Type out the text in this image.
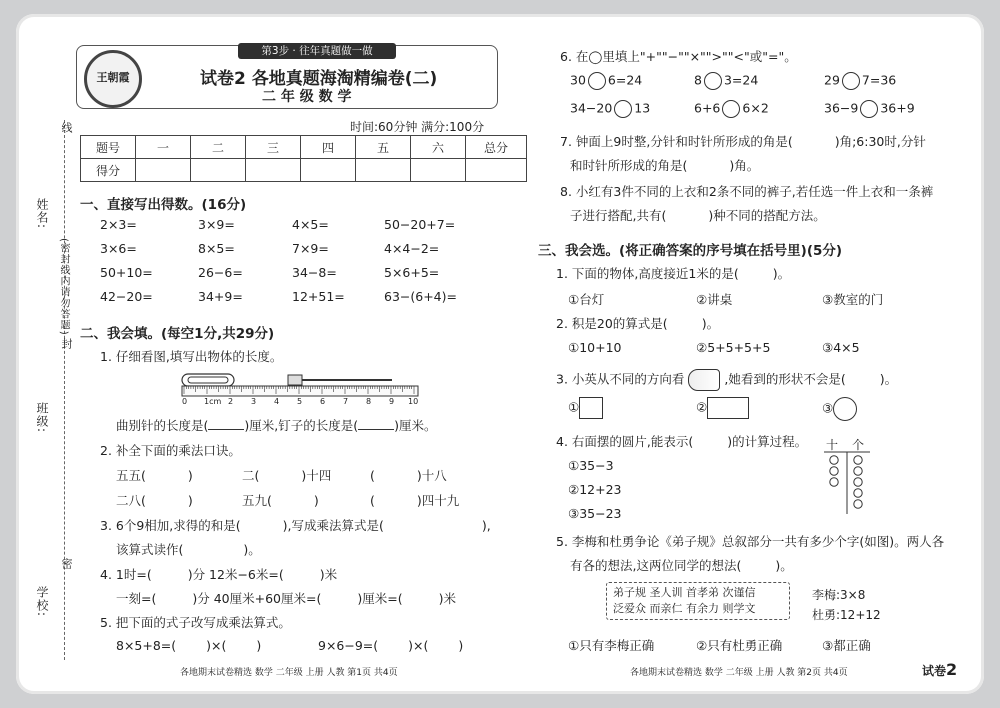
线
姓名:
(密封线内请勿答题)
封
班级:
密
学校:
王朝霞
第3步 · 往年真题做一做
试卷2 各地真题海淘精编卷(二)
二 年 级 数 学
时间:60分钟 满分:100分
题号	一	二	三	四	五	六	总分
得分							
一、直接写出得数。(16分)
2×3=	3×9=	4×5=	50−20+7=
3×6=	8×5=	7×9=	4×4−2=
50+10=	26−6=	34−8=	5×6+5=
42−20=	34+9=	12+51=	63−(6+4)=
二、我会填。(每空1分,共29分)
1. 仔细看图,填写出物体的长度。
0 1cm 2 3 4 5 6 7 8 9 10
曲别针的长度是(	)厘米,钉子的长度是(	)厘米。
2. 补全下面的乘法口诀。
五五(	)	二(	)十四	(	)十八
二八(	)	五九(	)	(	)四十九
3. 6个9相加,求得的和是(	),写成乘法算式是(	),
该算式读作(	)。
4. 1时=(	)分 12米−6米=(	)米
一刻=(	)分 40厘米+60厘米=(	)厘米=(	)米
5. 把下面的式子改写成乘法算式。
8×5+8=( )×( )	9×6−9=( )×( )
6. 在◯里填上"+""−""×"">""<"或"="。
30 6=24	8 3=24	29 7=36
34−20 13	6+6 6×2	36−9 36+9
7. 钟面上9时整,分针和时针所形成的角是(	)角;6:30时,分针
和时针所形成的角是(	)角。
8. 小红有3件不同的上衣和2条不同的裤子,若任选一件上衣和一条裤
子进行搭配,共有(	)种不同的搭配方法。
三、我会选。(将正确答案的序号填在括号里)(5分)
1. 下面的物体,高度接近1米的是(	)。
①台灯	②讲桌	③教室的门
2. 积是20的算式是(	)。
①10+10	②5+5+5+5	③4×5
3. 小英从不同的方向看	,她看到的形状不会是(	)。
①	②	③
4. 右面摆的圆片,能表示(	)的计算过程。
①35−3
②12+23
③35−23
十 个
5. 李梅和杜勇争论《弟子规》总叙部分一共有多少个字(如图)。两人各
有各的想法,这两位同学的想法(	)。
弟子规 圣人训 首孝弟 次谨信
泛爱众 而亲仁 有余力 则学文
李梅:3×8
杜勇:12+12
①只有李梅正确	②只有杜勇正确	③都正确
各地期末试卷精选 数学 二年级 上册 人教 第1页 共4页	各地期末试卷精选 数学 二年级 上册 人教 第2页 共4页	试卷2
